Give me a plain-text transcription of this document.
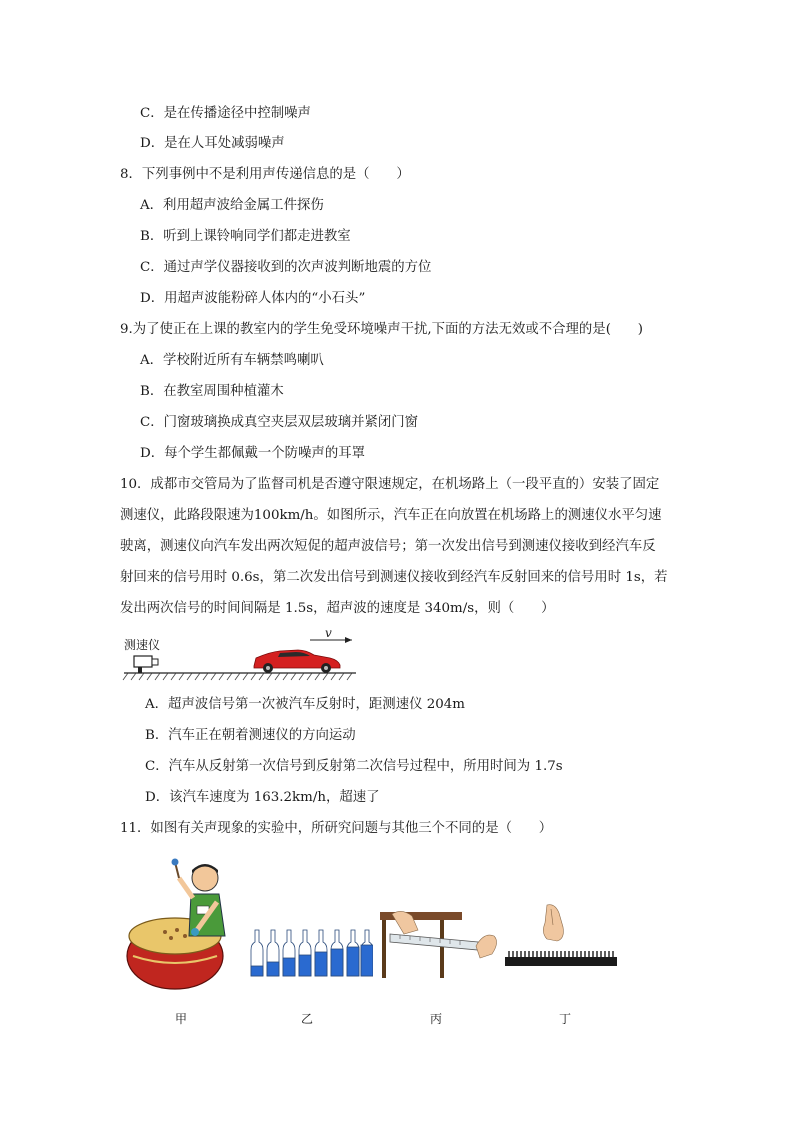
C．是在传播途径中控制噪声
D．是在人耳处减弱噪声
8．下列事例中不是利用声传递信息的是（　　）
A．利用超声波给金属工件探伤
B．听到上课铃响同学们都走进教室
C．通过声学仪器接收到的次声波判断地震的方位
D．用超声波能粉碎人体内的“小石头”
9.为了使正在上课的教室内的学生免受环境噪声干扰,下面的方法无效或不合理的是(　　)
A．学校附近所有车辆禁鸣喇叭
B．在教室周围种植灌木
C．门窗玻璃换成真空夹层双层玻璃并紧闭门窗
D．每个学生都佩戴一个防噪声的耳罩
10．成都市交管局为了监督司机是否遵守限速规定，在机场路上（一段平直的）安装了固定
测速仪，此路段限速为100km/h。如图所示，汽车正在向放置在机场路上的测速仪水平匀速
驶离，测速仪向汽车发出两次短促的超声波信号；第一次发出信号到测速仪接收到经汽车反
射回来的信号用时 0.6s，第二次发出信号到测速仪接收到经汽车反射回来的信号用时 1s，若
发出两次信号的时间间隔是 1.5s，超声波的速度是 340m/s，则（　　）
测速仪
v
A．超声波信号第一次被汽车反射时，距测速仪 204m
B．汽车正在朝着测速仪的方向运动
C．汽车从反射第一次信号到反射第二次信号过程中，所用时间为 1.7s
D．该汽车速度为 163.2km/h，超速了
11．如图有关声现象的实验中，所研究问题与其他三个不同的是（　　）
甲	乙	丙	丁
